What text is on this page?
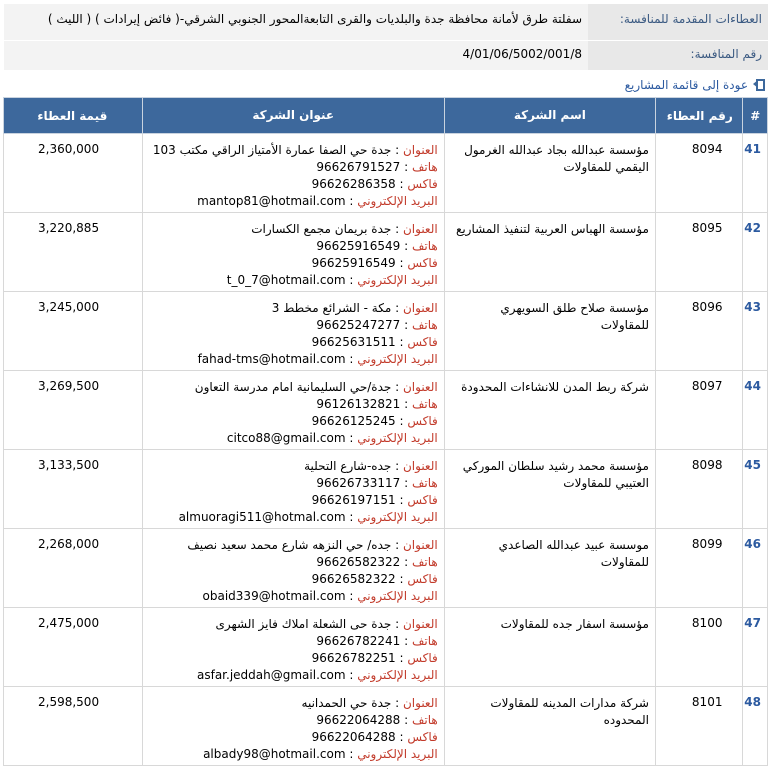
العطاءات المقدمة للمنافسة:	سفلتة طرق لأمانة محافظة جدة والبلديات والقرى التابعةالمحور الجنوبي الشرقي-( فائض إيرادات ) ( الليث )
رقم المنافسة:	4/01/06/5002/001/8
عودة إلى قائمة المشاريع
#	رقم العطاء	اسم الشركة	عنوان الشركة	قيمة العطاء
41	8094	مؤسسة عبدالله بجاد عبدالله الغرمول اليقمي للمقاولات	العنوان : جدة حي الصفا عمارة الأمتياز الراقي مكتب 103
هاتف : 96626791527
فاكس : 96626286358
البريد الإلكتروني : mantop81@hotmail.com	2,360,000
42	8095	مؤسسة الهباس العربية لتنفيذ المشاريع	العنوان : جدة بريمان مجمع الكسارات
هاتف : 96625916549
فاكس : 96625916549
البريد الإلكتروني : t_0_7@hotmail.com	3,220,885
43	8096	مؤسسة صلاح طلق السويهري للمقاولات	العنوان : مكة - الشرائع مخطط 3
هاتف : 96625247277
فاكس : 96625631511
البريد الإلكتروني : fahad-tms@hotmail.com	3,245,000
44	8097	شركة ربط المدن للانشاءات المحدودة	العنوان : جدة/حي السليمانية امام مدرسة التعاون
هاتف : 96126132821
فاكس : 96626125245
البريد الإلكتروني : citco88@gmail.com	3,269,500
45	8098	مؤسسة محمد رشيد سلطان الموركي العتيبي للمقاولات	العنوان : جده-شارع التحلية
هاتف : 96626733117
فاكس : 96626197151
البريد الإلكتروني : almuoragi511@hotmal.com	3,133,500
46	8099	موسسة عبيد عبدالله الصاعدي للمقاولات	العنوان : جده/ حي النزهه شارع محمد سعيد نصيف
هاتف : 96626582322
فاكس : 96626582322
البريد الإلكتروني : obaid339@hotmail.com	2,268,000
47	8100	مؤسسة اسفار جده للمقاولات	العنوان : جدة حى الشعلة املاك فايز الشهرى
هاتف : 96626782241
فاكس : 96626782251
البريد الإلكتروني : asfar.jeddah@gmail.com	2,475,000
48	8101	شركة مدارات المدينه للمقاولات المحدوده	العنوان : جدة حي الحمدانيه
هاتف : 96622064288
فاكس : 96622064288
البريد الإلكتروني : albady98@hotmail.com	2,598,500
